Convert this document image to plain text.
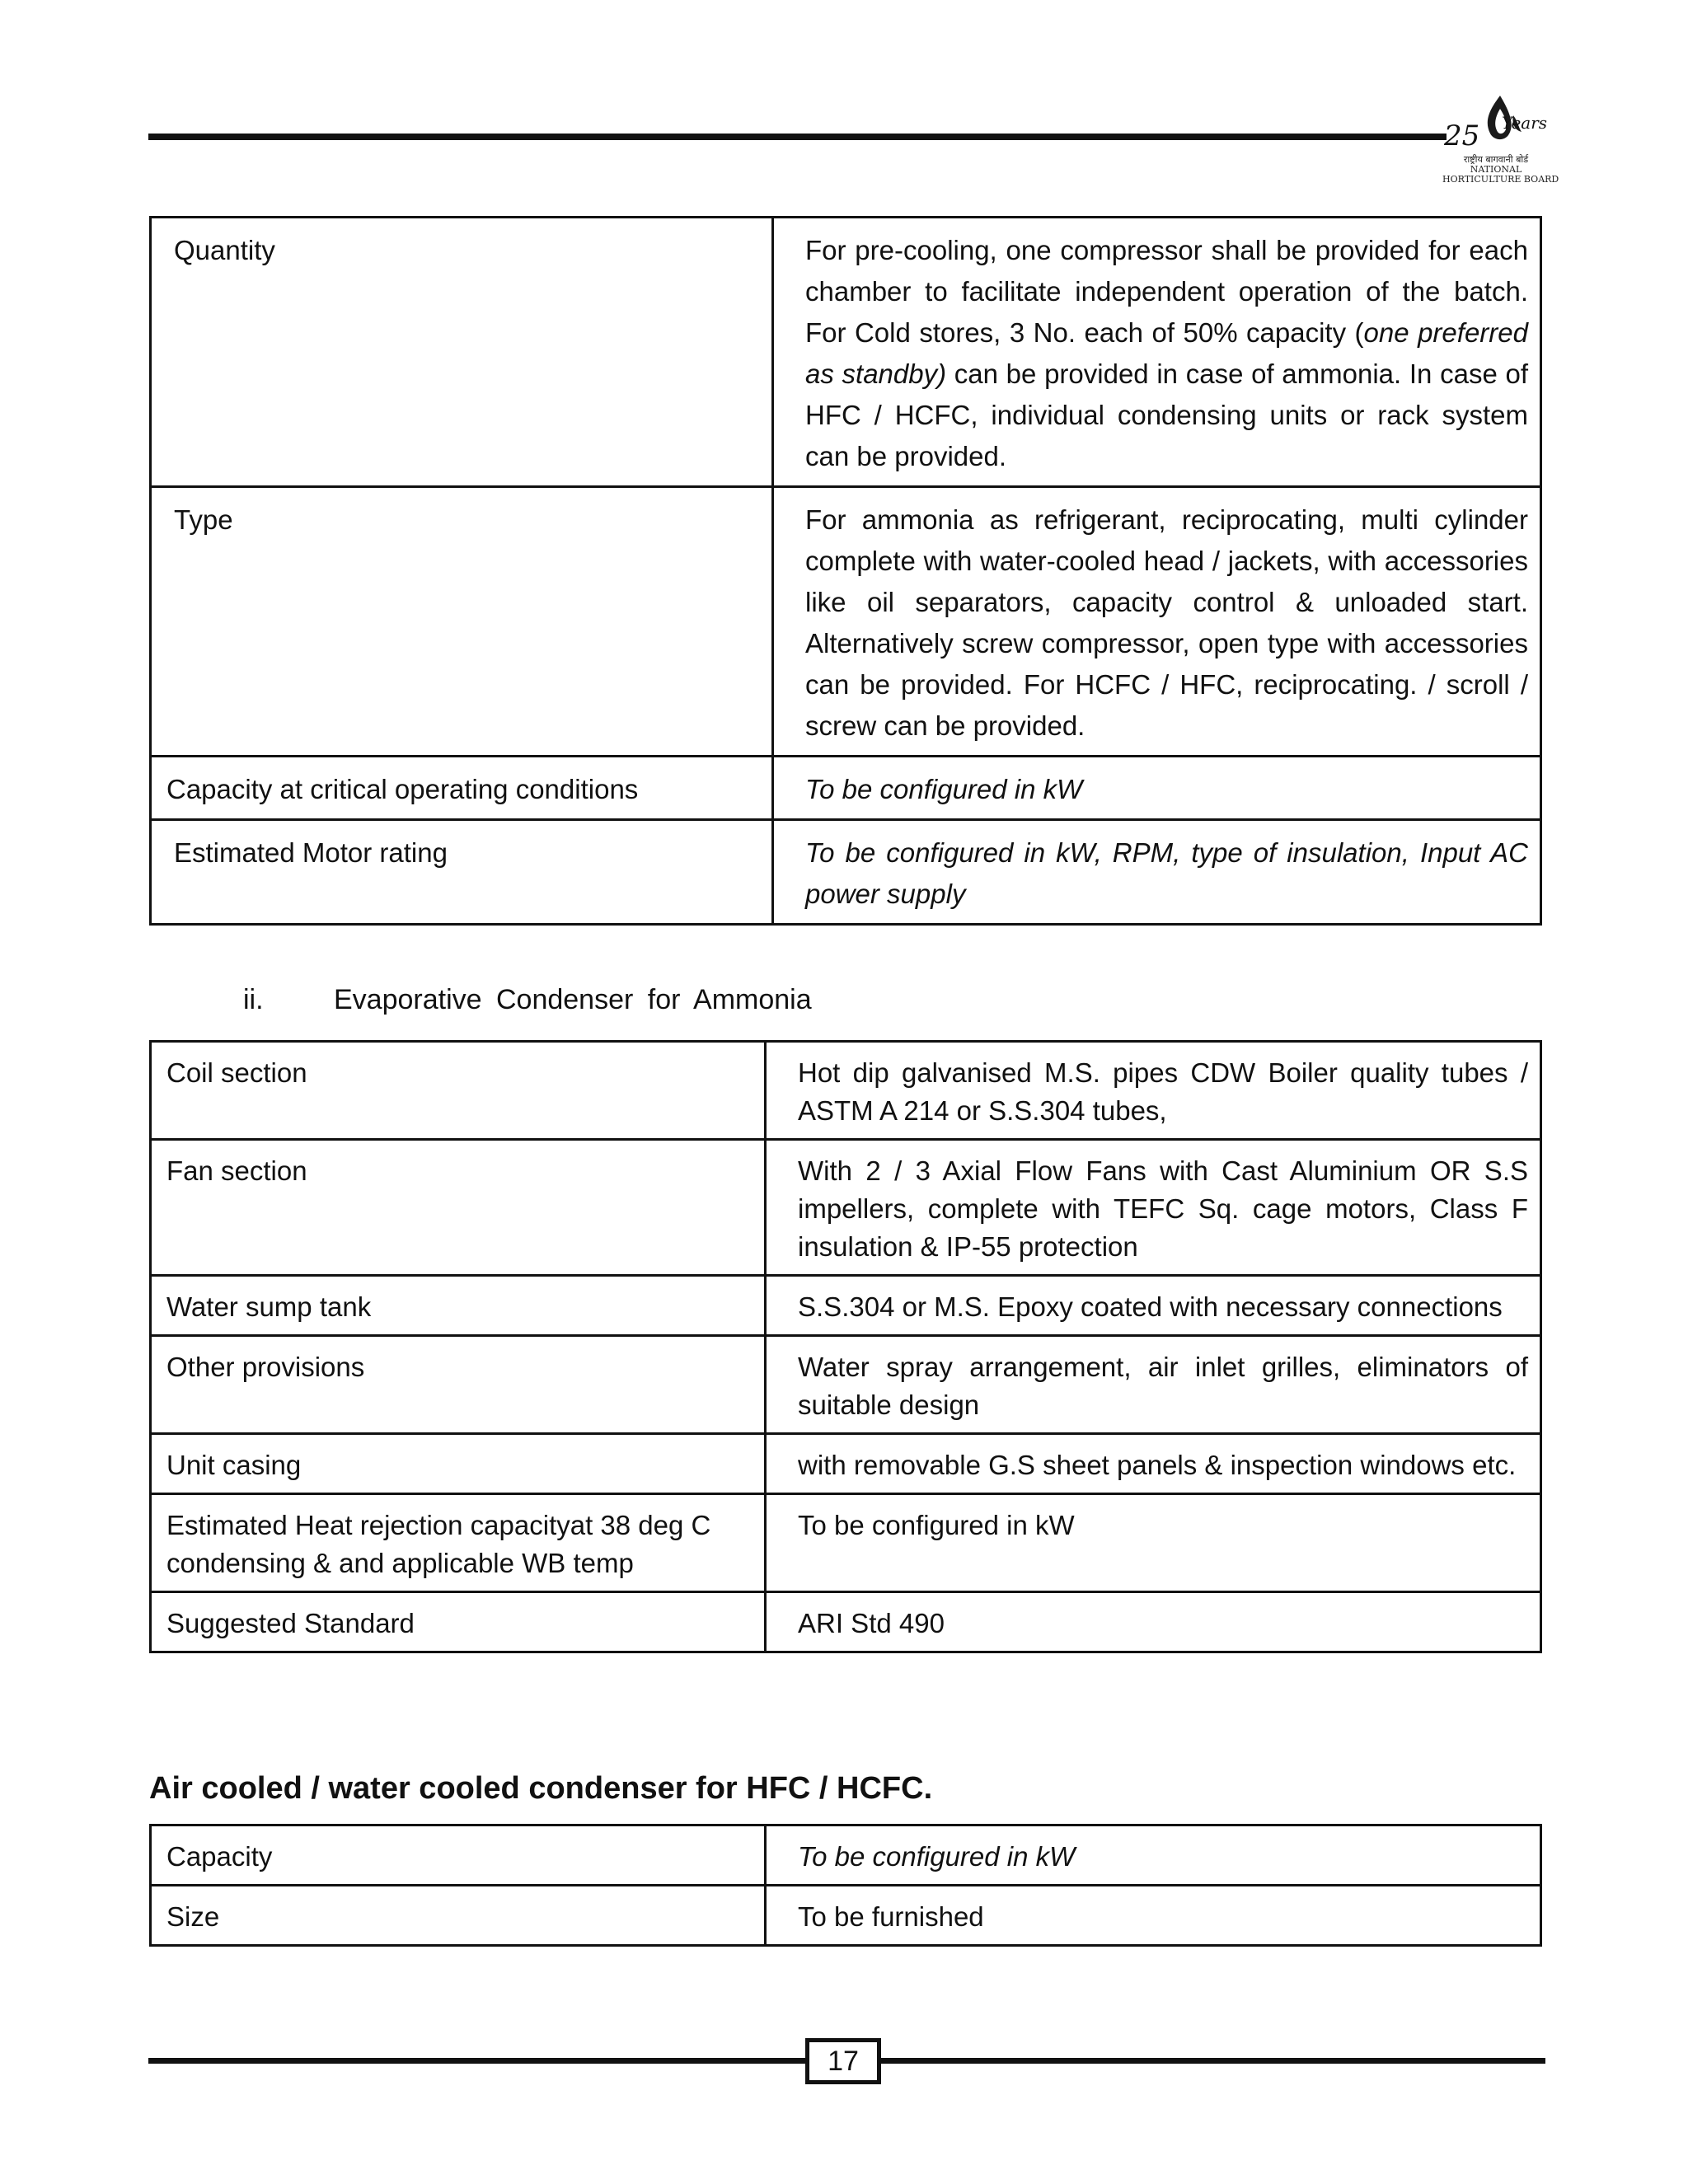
25 Years
राष्ट्रीय बागवानी बोर्ड
NATIONAL
HORTICULTURE BOARD
Quantity	For pre-cooling, one compressor shall be provided for each chamber to facilitate independent operation of the batch. For Cold stores, 3 No. each of 50% capacity (one preferred as standby) can be provided in case of ammonia. In case of HFC / HCFC, individual condensing units or rack system can be provided.
Type	For ammonia as refrigerant, reciprocating, multi cylinder complete with water-cooled head / jackets, with accessories like oil separators, capacity control & unloaded start. Alternatively screw compressor, open type with accessories can be provided. For HCFC / HFC, reciprocating. / scroll / screw can be provided.
Capacity at critical operating conditions	To be configured in kW
Estimated Motor rating	To be configured in kW, RPM, type of insulation, Input AC power supply
ii.	Evaporative Condenser for Ammonia
Coil section	Hot dip galvanised M.S. pipes CDW Boiler quality tubes / ASTM A 214 or S.S.304 tubes,
Fan section	With 2 / 3 Axial Flow Fans with Cast Aluminium OR S.S impellers, complete with TEFC Sq. cage motors, Class F insulation & IP-55 protection
Water sump tank	S.S.304 or M.S. Epoxy coated with necessary connections
Other provisions	Water spray arrangement, air inlet grilles, eliminators of suitable design
Unit casing	with removable G.S sheet panels & inspection windows etc.
Estimated Heat rejection capacityat 38 deg C condensing & and applicable WB temp	To be configured in kW
Suggested Standard	ARI Std 490
Air cooled / water cooled condenser for HFC / HCFC.
Capacity	To be configured in kW
Size	To be furnished
17
